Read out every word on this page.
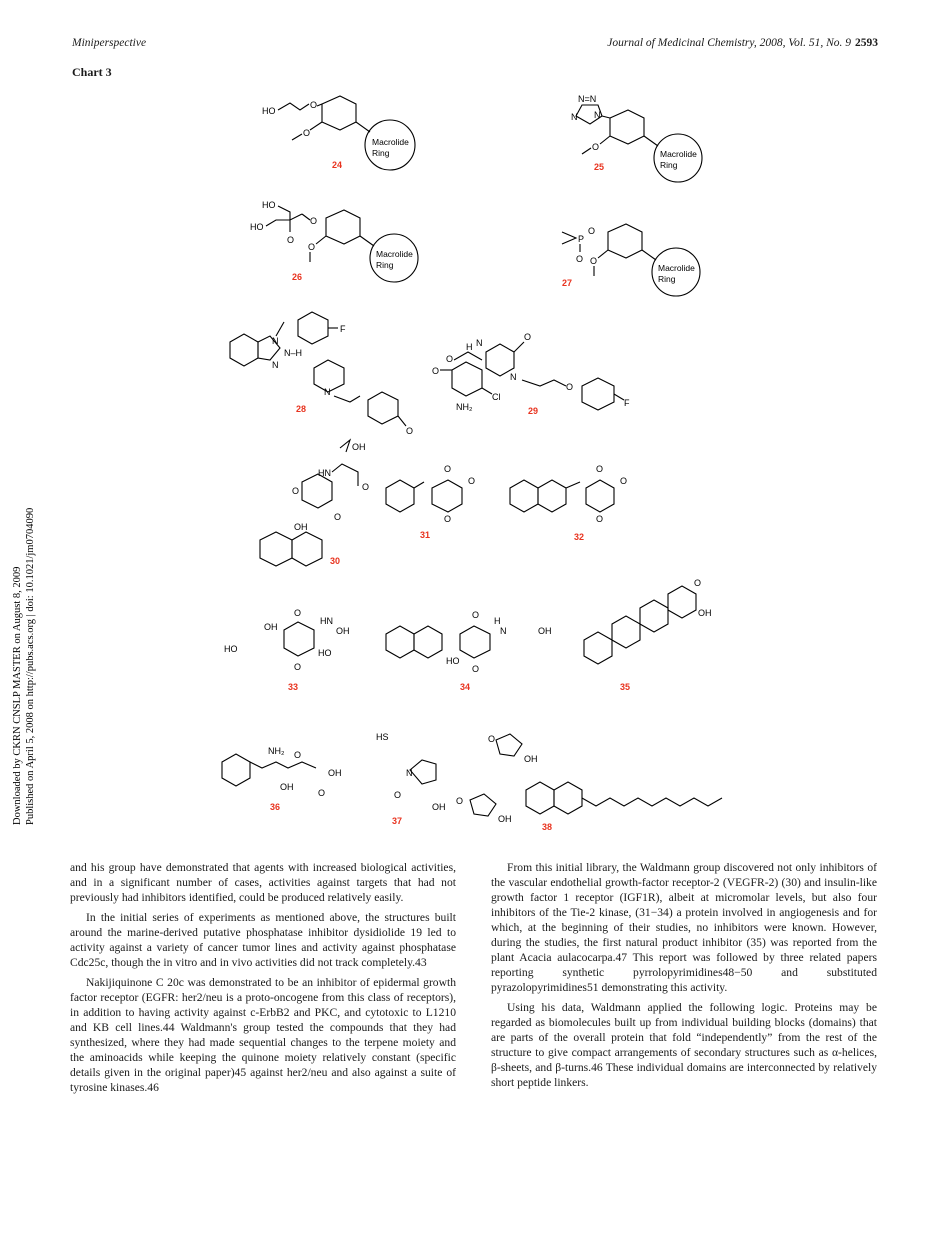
Miniperspective	Journal of Medicinal Chemistry, 2008, Vol. 51, No. 9 2593
Chart 3
Downloaded by CKRN CNSLP MASTER on August 8, 2009 Published on April 5, 2008 on http://pubs.acs.org | doi: 10.1021/jm0704090
HO
O
O
Macrolide
Ring
24
N=N
N N
O
Macrolide
Ring
25
HO
HO
O
O
O
Macrolide
Ring
26
P
O
O
O
Macrolide
Ring
27
N
N
F
N–H
N
O
28
O
H N
N
O
O
F
O
Cl
NH₂	29
OH
HN
O
O
O
OH
30
O
O
O
31
O
O
O
32
OH
HO
O
O
HN
OH
HO
33
O
O
HO
H
N	OH
34
O
OH
35
NH₂
OH
O
OH
O
36
HS
N
O
OH
37
O
OH
O
OH
38

and his group have demonstrated that agents with increased biological activities, and in a significant number of cases, activities against targets that had not previously had inhibitors identified, could be produced relatively easily.

In the initial series of experiments as mentioned above, the structures built around the marine-derived putative phosphatase inhibitor dysidiolide 19 led to activity against a variety of cancer tumor lines and activity against phosphatase Cdc25c, though the in vitro and in vivo activities did not track completely.43

Nakijiquinone C 20c was demonstrated to be an inhibitor of epidermal growth factor receptor (EGFR: her2/neu is a proto-oncogene from this class of receptors), in addition to having activity against c-ErbB2 and PKC, and cytotoxic to L1210 and KB cell lines.44 Waldmann's group tested the compounds that they had synthesized, where they had made sequential changes to the terpene moiety and the aminoacids while keeping the quinone moiety relatively constant (specific details given in the original paper)45 against her2/neu and also against a suite of tyrosine kinases.46

From this initial library, the Waldmann group discovered not only inhibitors of the vascular endothelial growth-factor receptor-2 (VEGFR-2) (30) and insulin-like growth factor 1 receptor (IGF1R), albeit at micromolar levels, but also four inhibitors of the Tie-2 kinase, (31−34) a protein involved in angiogenesis and for which, at the beginning of their studies, no inhibitors were known. However, during the studies, the first natural product inhibitor (35) was reported from the plant Acacia aulacocarpa.47 This report was followed by three related papers reporting synthetic pyrrolopyrimidines48−50 and substituted pyrazolopyrimidines51 demonstrating this activity.

Using his data, Waldmann applied the following logic. Proteins may be regarded as biomolecules built up from individual building blocks (domains) that are parts of the overall protein that fold “independently” from the rest of the structure to give compact arrangements of secondary structures such as α-helices, β-sheets, and β-turns.46 These individual domains are interconnected by relatively short peptide linkers.
